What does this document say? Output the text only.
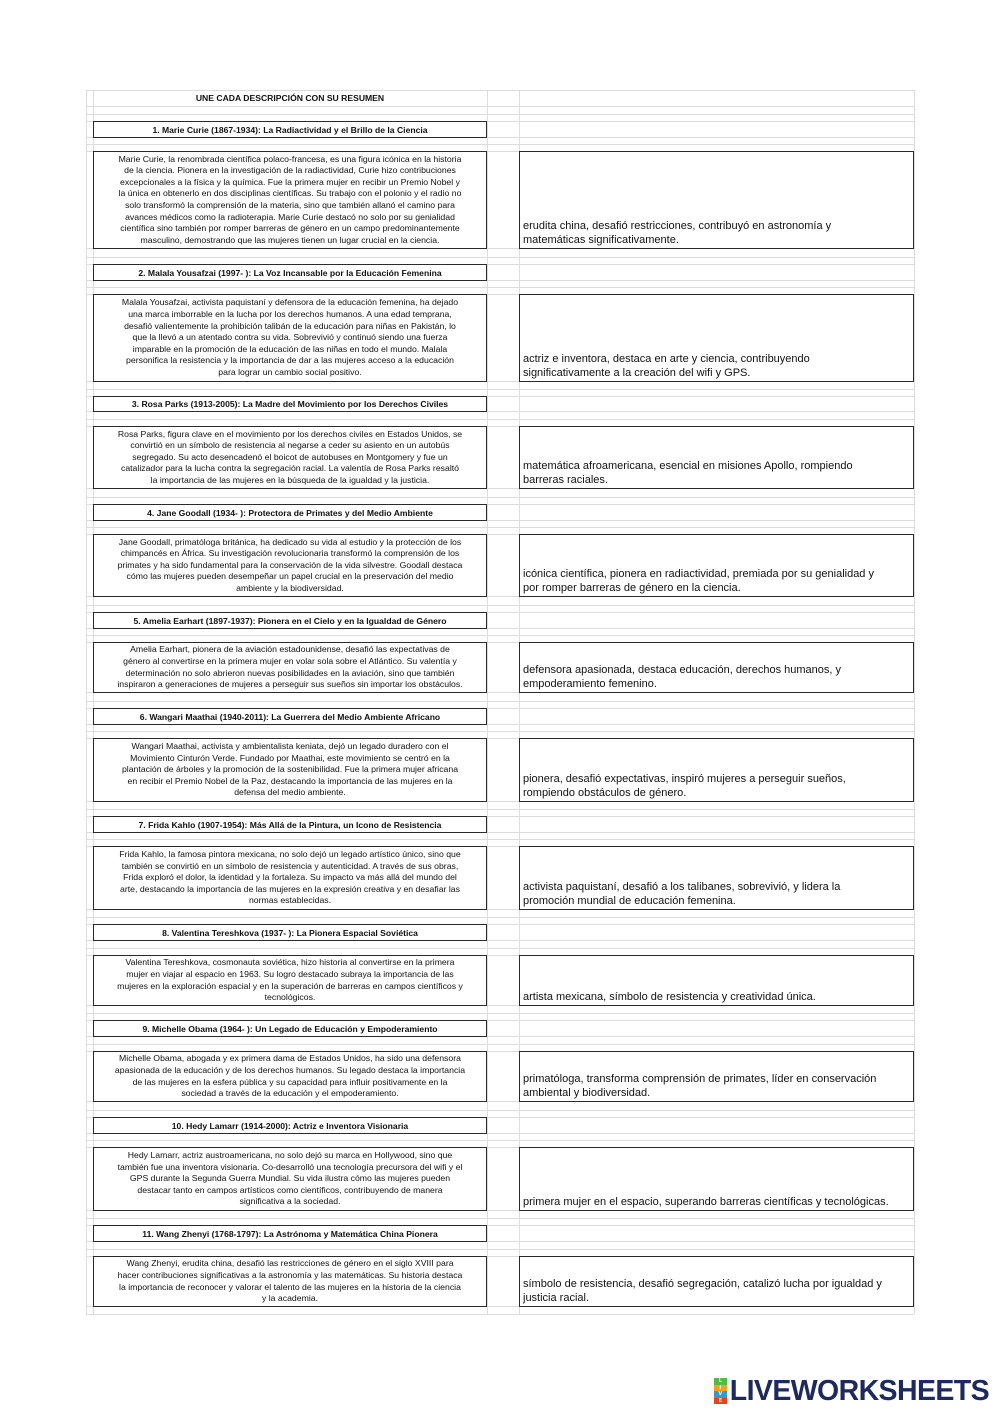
UNE CADA DESCRIPCIÓN CON SU RESUMEN
1. Marie Curie (1867-1934): La Radiactividad y el Brillo de la Ciencia
Marie Curie, la renombrada científica polaco-francesa, es una figura icónica en la historia
de la ciencia. Pionera en la investigación de la radiactividad, Curie hizo contribuciones
excepcionales a la física y la química. Fue la primera mujer en recibir un Premio Nobel y
la única en obtenerlo en dos disciplinas científicas. Su trabajo con el polonio y el radio no
solo transformó la comprensión de la materia, sino que también allanó el camino para
avances médicos como la radioterapia. Marie Curie destacó no solo por su genialidad
científica sino también por romper barreras de género en un campo predominantemente
masculino, demostrando que las mujeres tienen un lugar crucial en la ciencia.
erudita china, desafió restricciones, contribuyó en astronomía y
matemáticas significativamente.
2. Malala Yousafzai (1997- ): La Voz Incansable por la Educación Femenina
Malala Yousafzai, activista paquistaní y defensora de la educación femenina, ha dejado
una marca imborrable en la lucha por los derechos humanos. A una edad temprana,
desafió valientemente la prohibición talibán de la educación para niñas en Pakistán, lo
que la llevó a un atentado contra su vida. Sobrevivió y continuó siendo una fuerza
imparable en la promoción de la educación de las niñas en todo el mundo. Malala
personifica la resistencia y la importancia de dar a las mujeres acceso a la educación
para lograr un cambio social positivo.
actriz e inventora, destaca en arte y ciencia, contribuyendo
significativamente a la creación del wifi y GPS.
3. Rosa Parks (1913-2005): La Madre del Movimiento por los Derechos Civiles
Rosa Parks, figura clave en el movimiento por los derechos civiles en Estados Unidos, se
convirtió en un símbolo de resistencia al negarse a ceder su asiento en un autobús
segregado. Su acto desencadenó el boicot de autobuses en Montgomery y fue un
catalizador para la lucha contra la segregación racial. La valentía de Rosa Parks resaltó
la importancia de las mujeres en la búsqueda de la igualdad y la justicia.
matemática afroamericana, esencial en misiones Apollo, rompiendo
barreras raciales.
4. Jane Goodall (1934- ): Protectora de Primates y del Medio Ambiente
Jane Goodall, primatóloga británica, ha dedicado su vida al estudio y la protección de los
chimpancés en África. Su investigación revolucionaria transformó la comprensión de los
primates y ha sido fundamental para la conservación de la vida silvestre. Goodall destaca
cómo las mujeres pueden desempeñar un papel crucial en la preservación del medio
ambiente y la biodiversidad.
icónica científica, pionera en radiactividad, premiada por su genialidad y
por romper barreras de género en la ciencia.
5. Amelia Earhart (1897-1937): Pionera en el Cielo y en la Igualdad de Género
Amelia Earhart, pionera de la aviación estadounidense, desafió las expectativas de
género al convertirse en la primera mujer en volar sola sobre el Atlántico. Su valentía y
determinación no solo abrieron nuevas posibilidades en la aviación, sino que también
inspiraron a generaciones de mujeres a perseguir sus sueños sin importar los obstáculos.
defensora apasionada, destaca educación, derechos humanos, y
empoderamiento femenino.
6. Wangari Maathai (1940-2011): La Guerrera del Medio Ambiente Africano
Wangari Maathai, activista y ambientalista keniata, dejó un legado duradero con el
Movimiento Cinturón Verde. Fundado por Maathai, este movimiento se centró en la
plantación de árboles y la promoción de la sostenibilidad. Fue la primera mujer africana
en recibir el Premio Nobel de la Paz, destacando la importancia de las mujeres en la
defensa del medio ambiente.
pionera, desafió expectativas, inspiró mujeres a perseguir sueños,
rompiendo obstáculos de género.
7. Frida Kahlo (1907-1954): Más Allá de la Pintura, un Icono de Resistencia
Frida Kahlo, la famosa pintora mexicana, no solo dejó un legado artístico único, sino que
también se convirtió en un símbolo de resistencia y autenticidad. A través de sus obras,
Frida exploró el dolor, la identidad y la fortaleza. Su impacto va más allá del mundo del
arte, destacando la importancia de las mujeres en la expresión creativa y en desafiar las
normas establecidas.
activista paquistaní, desafió a los talibanes, sobrevivió, y lidera la
promoción mundial de educación femenina.
8. Valentina Tereshkova (1937- ): La Pionera Espacial Soviética
Valentina Tereshkova, cosmonauta soviética, hizo historia al convertirse en la primera
mujer en viajar al espacio en 1963. Su logro destacado subraya la importancia de las
mujeres en la exploración espacial y en la superación de barreras en campos científicos y
tecnológicos.	artista mexicana, símbolo de resistencia y creatividad única.
9. Michelle Obama (1964- ): Un Legado de Educación y Empoderamiento
Michelle Obama, abogada y ex primera dama de Estados Unidos, ha sido una defensora
apasionada de la educación y de los derechos humanos. Su legado destaca la importancia
de las mujeres en la esfera pública y su capacidad para influir positivamente en la
sociedad a través de la educación y el empoderamiento.
primatóloga, transforma comprensión de primates, líder en conservación
ambiental y biodiversidad.
10. Hedy Lamarr (1914-2000): Actriz e Inventora Visionaria
Hedy Lamarr, actriz austroamericana, no solo dejó su marca en Hollywood, sino que
también fue una inventora visionaria. Co-desarrolló una tecnología precursora del wifi y el
GPS durante la Segunda Guerra Mundial. Su vida ilustra cómo las mujeres pueden
destacar tanto en campos artísticos como científicos, contribuyendo de manera
significativa a la sociedad.	primera mujer en el espacio, superando barreras científicas y tecnológicas.
11. Wang Zhenyi (1768-1797): La Astrónoma y Matemática China Pionera
Wang Zhenyi, erudita china, desafió las restricciones de género en el siglo XVIII para
hacer contribuciones significativas a la astronomía y las matemáticas. Su historia destaca
la importancia de reconocer y valorar el talento de las mujeres en la historia de la ciencia
y la academia.
símbolo de resistencia, desafió segregación, catalizó lucha por igualdad y
justicia racial.
L
I
V
E LIVEWORKSHEETS
